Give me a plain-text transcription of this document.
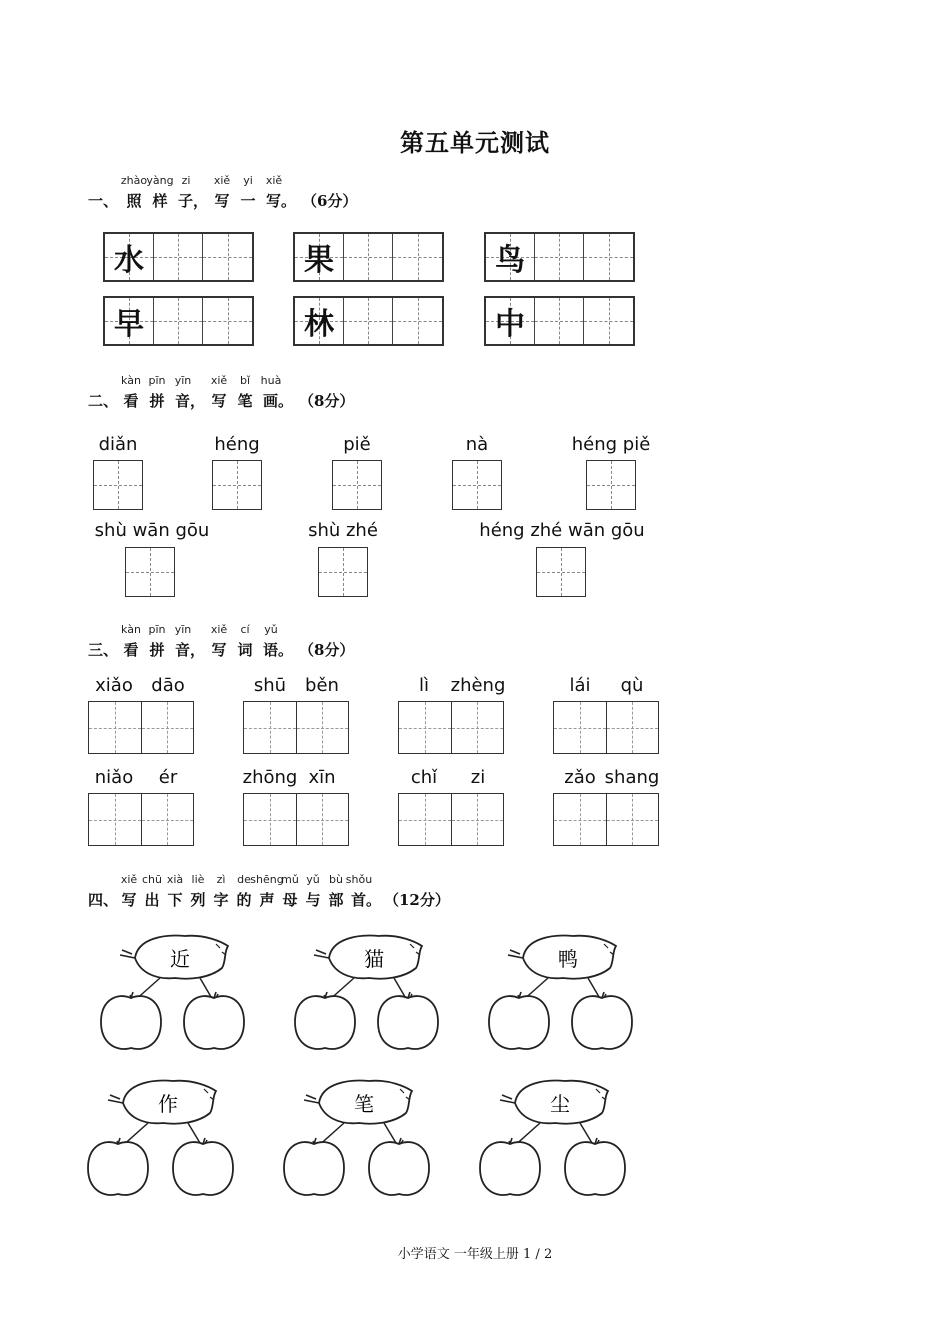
第五单元测试
一、
zhào
照
yàng
样
zi
子，
xiě
写
yi
一
xiě
写。 （6分）
水	果	鸟
早	林	中
二、
kàn
看
pīn
拼
yīn
音，
xiě
写
bǐ
笔
huà
画。 （8分）
diǎn	héng	piě	nà	héng piě
shù wān gōu	shù zhé	héng zhé wān gōu
三、
kàn
看
pīn
拼
yīn
音，
xiě
写
cí
词
yǔ
语。 （8分）
xiǎo dāo	shū běn	lì zhèng	lái qù
niǎo ér	zhōng xīn	chǐ zi	zǎo shang
四、
xiě
写
chū
出
xià
下
liè
列
zì
字
de
的
shēng
声
mǔ
母
yǔ
与
bù
部
shǒu
首。 （12分）
近	猫	鸭
作	笔	尘
小学语文 一年级上册 1 / 2
